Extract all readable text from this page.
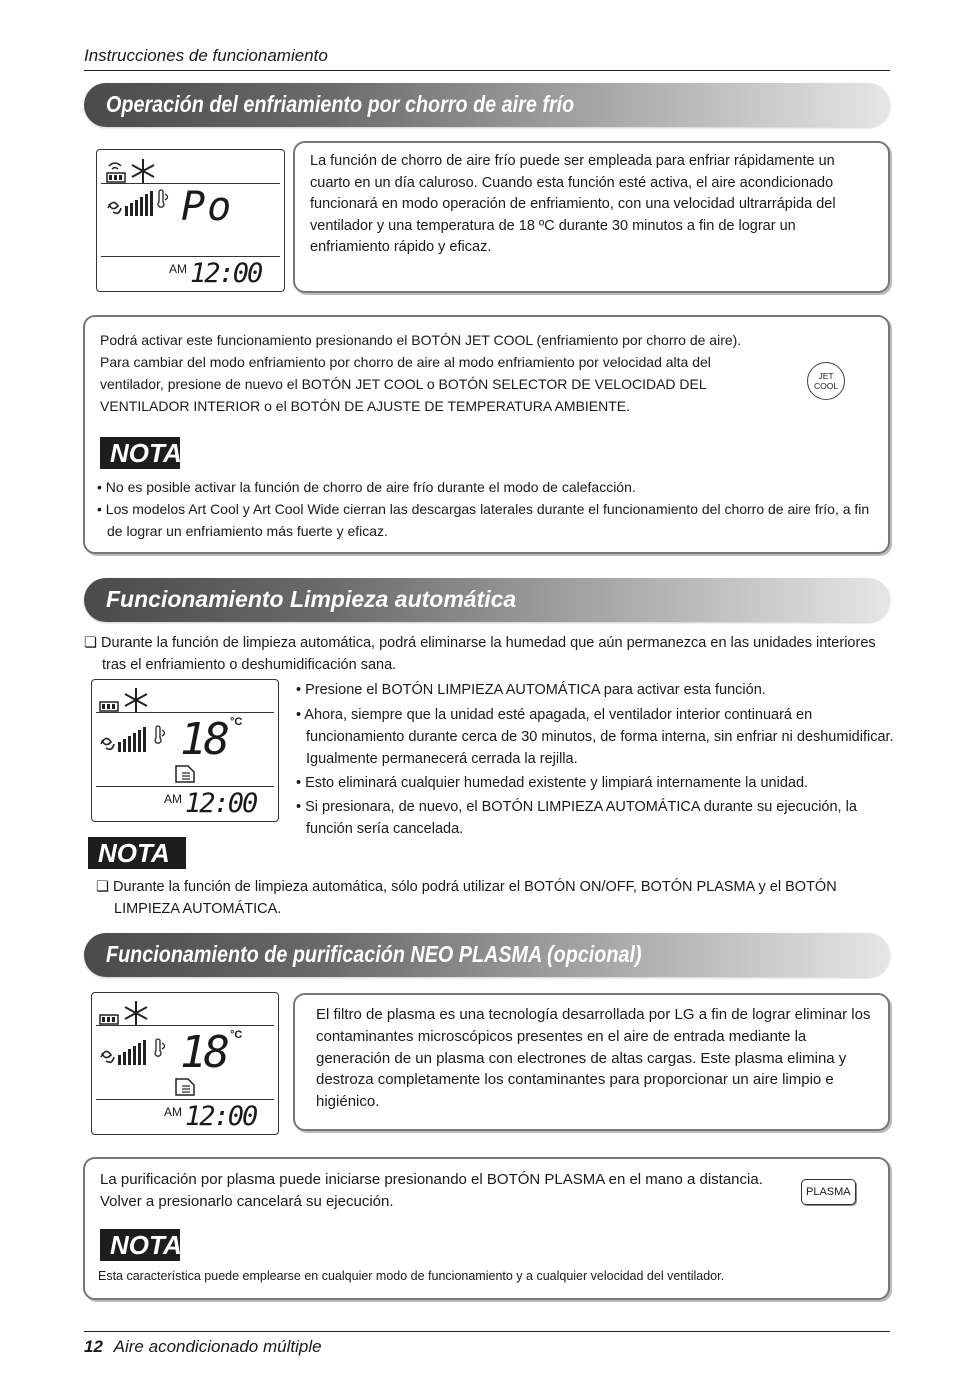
Instrucciones de funcionamiento
Operación del enfriamiento por chorro de aire frío
Po
AM 12:00
La función de chorro de aire frío puede ser empleada para enfriar rápidamente un cuarto en un día caluroso. Cuando esta función esté activa, el aire acondicionado funcionará en modo operación de enfriamiento, con una velocidad ultrarrápida del ventilador y una temperatura de 18 ºC durante 30 minutos a fin de lograr un enfriamiento rápido y eficaz.
Podrá activar este funcionamiento presionando el BOTÓN JET COOL (enfriamiento por chorro de aire). Para cambiar del modo enfriamiento por chorro de aire al modo enfriamiento por velocidad alta del ventilador, presione de nuevo el BOTÓN JET COOL o BOTÓN SELECTOR DE VELOCIDAD DEL VENTILADOR INTERIOR o el BOTÓN DE AJUSTE DE TEMPERATURA AMBIENTE.
JET
COOL
NOTA
• No es posible activar la función de chorro de aire frío durante el modo de calefacción.
• Los modelos Art Cool y Art Cool Wide cierran las descargas laterales durante el funcionamiento del chorro de aire frío, a fin de lograr un enfriamiento más fuerte y eficaz.
Funcionamiento Limpieza automática
❏ Durante la función de limpieza automática, podrá eliminarse la humedad que aún permanezca en las unidades interiores tras el enfriamiento o deshumidificación sana.
18 °C
AM 12:00
• Presione el BOTÓN LIMPIEZA AUTOMÁTICA para activar esta función.
• Ahora, siempre que la unidad esté apagada, el ventilador interior continuará en funcionamiento durante cerca de 30 minutos, de forma interna, sin enfriar ni deshumidificar. Igualmente permanecerá cerrada la rejilla.
• Esto eliminará cualquier humedad existente y limpiará internamente la unidad.
• Si presionara, de nuevo, el BOTÓN LIMPIEZA AUTOMÁTICA durante su ejecución, la función sería cancelada.
NOTA
❏ Durante la función de limpieza automática, sólo podrá utilizar el BOTÓN ON/OFF, BOTÓN PLASMA y el BOTÓN LIMPIEZA AUTOMÁTICA.
Funcionamiento de purificación NEO PLASMA (opcional)
18 °C
AM 12:00
El filtro de plasma es una tecnología desarrollada por LG a fin de lograr eliminar los contaminantes microscópicos presentes en el aire de entrada mediante la generación de un plasma con electrones de altas cargas. Este plasma elimina y destroza completamente los contaminantes para proporcionar un aire limpio e higiénico.
La purificación por plasma puede iniciarse presionando el BOTÓN PLASMA en el mano a distancia. Volver a presionarlo cancelará su ejecución.
PLASMA
NOTA
Esta característica puede emplearse en cualquier modo de funcionamiento y a cualquier velocidad del ventilador.
12 Aire acondicionado múltiple
